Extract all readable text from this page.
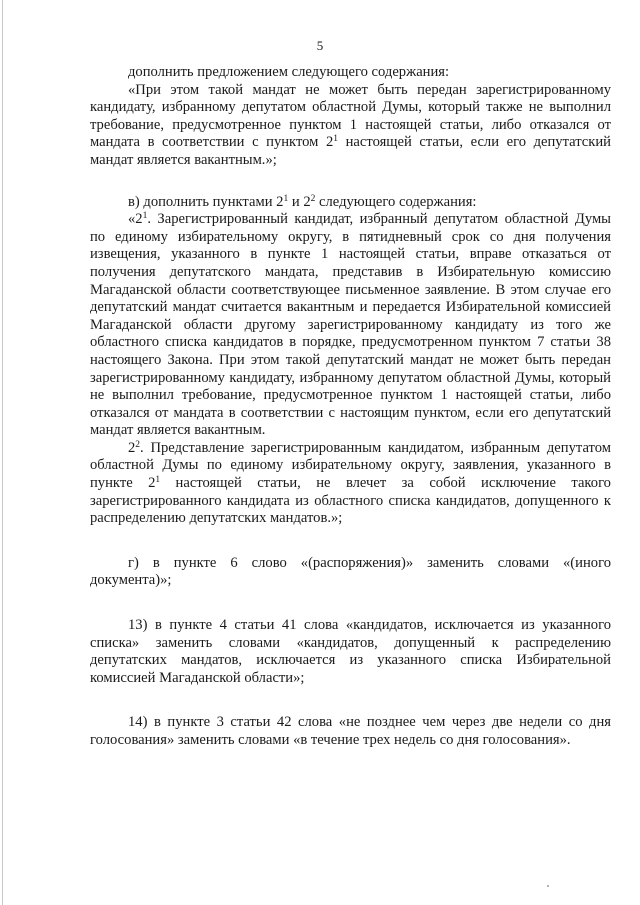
5

дополнить предложением следующего содержания:

«При этом такой мандат не может быть передан зарегистрированному кандидату, избранному депутатом областной Думы, который также не выполнил требование, предусмотренное пунктом 1 настоящей статьи, либо отказался от мандата в соответствии с пунктом $2^1$ настоящей статьи, если его депутатский мандат является вакантным.»;

в) дополнить пунктами $2^1$ и $2^2$ следующего содержания:

«$2^1$. Зарегистрированный кандидат, избранный депутатом областной Думы по единому избирательному округу, в пятидневный срок со дня получения извещения, указанного в пункте 1 настоящей статьи, вправе отказаться от получения депутатского мандата, представив в Избирательную комиссию Магаданской области соответствующее письменное заявление. В этом случае его депутатский мандат считается вакантным и передается Избирательной комиссией Магаданской области другому зарегистрированному кандидату из того же областного списка кандидатов в порядке, предусмотренном пунктом 7 статьи 38 настоящего Закона. При этом такой депутатский мандат не может быть передан зарегистрированному кандидату, избранному депутатом областной Думы, который не выполнил требование, предусмотренное пунктом 1 настоящей статьи, либо отказался от мандата в соответствии с настоящим пунктом, если его депутатский мандат является вакантным.

$2^2$. Представление зарегистрированным кандидатом, избранным депутатом областной Думы по единому избирательному округу, заявления, указанного в пункте $2^1$ настоящей статьи, не влечет за собой исключение такого зарегистрированного кандидата из областного списка кандидатов, допущенного к распределению депутатских мандатов.»;

г) в пункте 6 слово «(распоряжения)» заменить словами «(иного документа)»;

13) в пункте 4 статьи 41 слова «кандидатов, исключается из указанного списка» заменить словами «кандидатов, допущенный к распределению депутатских мандатов, исключается из указанного списка Избирательной комиссией Магаданской области»;

14) в пункте 3 статьи 42 слова «не позднее чем через две недели со дня голосования» заменить словами «в течение трех недель со дня голосования».
